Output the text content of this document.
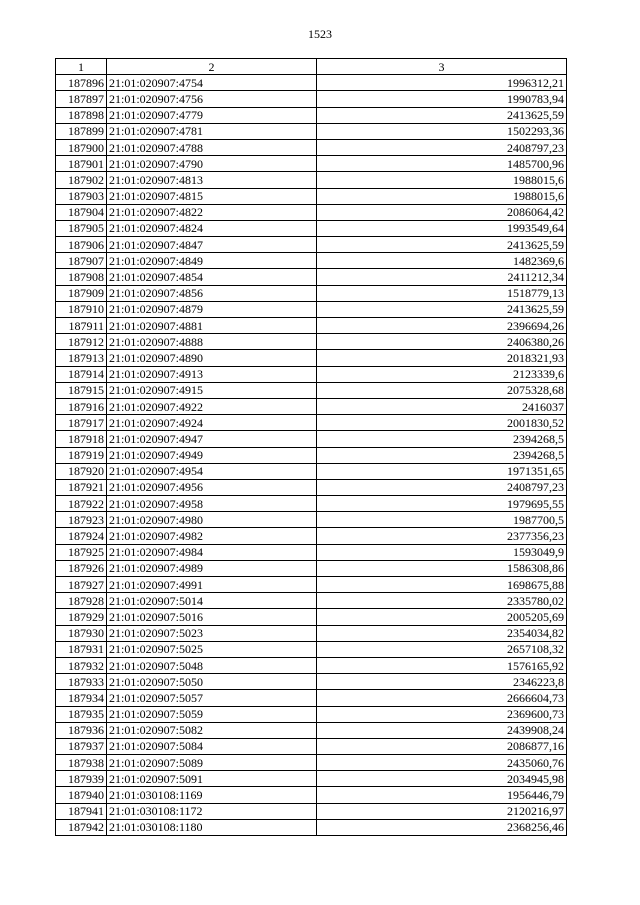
1523
1	2	3
187896	21:01:020907:4754	1996312,21
187897	21:01:020907:4756	1990783,94
187898	21:01:020907:4779	2413625,59
187899	21:01:020907:4781	1502293,36
187900	21:01:020907:4788	2408797,23
187901	21:01:020907:4790	1485700,96
187902	21:01:020907:4813	1988015,6
187903	21:01:020907:4815	1988015,6
187904	21:01:020907:4822	2086064,42
187905	21:01:020907:4824	1993549,64
187906	21:01:020907:4847	2413625,59
187907	21:01:020907:4849	1482369,6
187908	21:01:020907:4854	2411212,34
187909	21:01:020907:4856	1518779,13
187910	21:01:020907:4879	2413625,59
187911	21:01:020907:4881	2396694,26
187912	21:01:020907:4888	2406380,26
187913	21:01:020907:4890	2018321,93
187914	21:01:020907:4913	2123339,6
187915	21:01:020907:4915	2075328,68
187916	21:01:020907:4922	2416037
187917	21:01:020907:4924	2001830,52
187918	21:01:020907:4947	2394268,5
187919	21:01:020907:4949	2394268,5
187920	21:01:020907:4954	1971351,65
187921	21:01:020907:4956	2408797,23
187922	21:01:020907:4958	1979695,55
187923	21:01:020907:4980	1987700,5
187924	21:01:020907:4982	2377356,23
187925	21:01:020907:4984	1593049,9
187926	21:01:020907:4989	1586308,86
187927	21:01:020907:4991	1698675,88
187928	21:01:020907:5014	2335780,02
187929	21:01:020907:5016	2005205,69
187930	21:01:020907:5023	2354034,82
187931	21:01:020907:5025	2657108,32
187932	21:01:020907:5048	1576165,92
187933	21:01:020907:5050	2346223,8
187934	21:01:020907:5057	2666604,73
187935	21:01:020907:5059	2369600,73
187936	21:01:020907:5082	2439908,24
187937	21:01:020907:5084	2086877,16
187938	21:01:020907:5089	2435060,76
187939	21:01:020907:5091	2034945,98
187940	21:01:030108:1169	1956446,79
187941	21:01:030108:1172	2120216,97
187942	21:01:030108:1180	2368256,46
